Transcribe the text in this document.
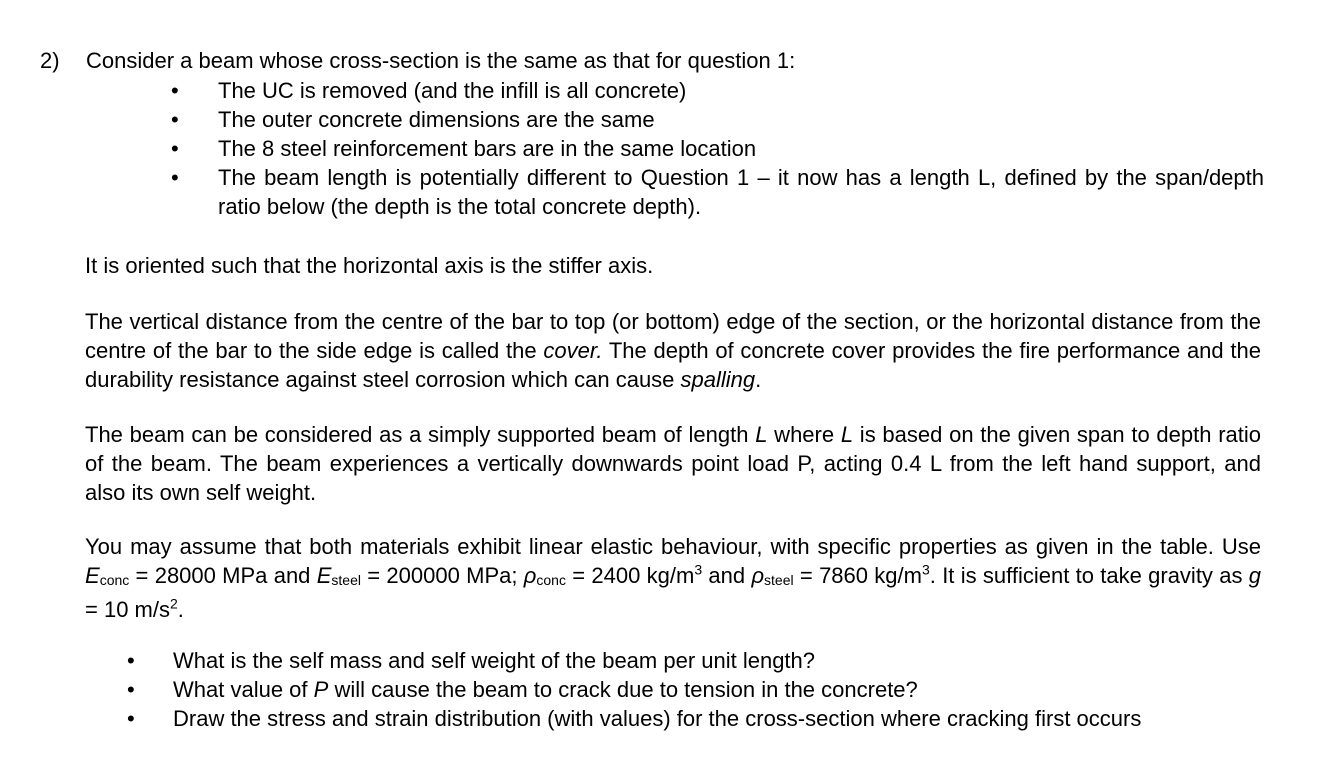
2) Consider a beam whose cross-section is the same as that for question 1:
• The UC is removed (and the infill is all concrete)
• The outer concrete dimensions are the same
• The 8 steel reinforcement bars are in the same location
• The beam length is potentially different to Question 1 – it now has a length L, defined by the span/depth ratio below (the depth is the total concrete depth).
It is oriented such that the horizontal axis is the stiffer axis.
The vertical distance from the centre of the bar to top (or bottom) edge of the section, or the horizontal distance from the centre of the bar to the side edge is called the cover. The depth of concrete cover provides the fire performance and the durability resistance against steel corrosion which can cause spalling.
The beam can be considered as a simply supported beam of length L where L is based on the given span to depth ratio of the beam. The beam experiences a vertically downwards point load P, acting 0.4 L from the left hand support, and also its own self weight.
You may assume that both materials exhibit linear elastic behaviour, with specific properties as given in the table. Use Econc = 28000 MPa and Esteel = 200000 MPa; ρconc = 2400 $kg/m^3$ and ρsteel = 7860 $kg/m^3$. It is sufficient to take gravity as g = 10 $m/s^2$.
• What is the self mass and self weight of the beam per unit length?
• What value of P will cause the beam to crack due to tension in the concrete?
• Draw the stress and strain distribution (with values) for the cross-section where cracking first occurs
